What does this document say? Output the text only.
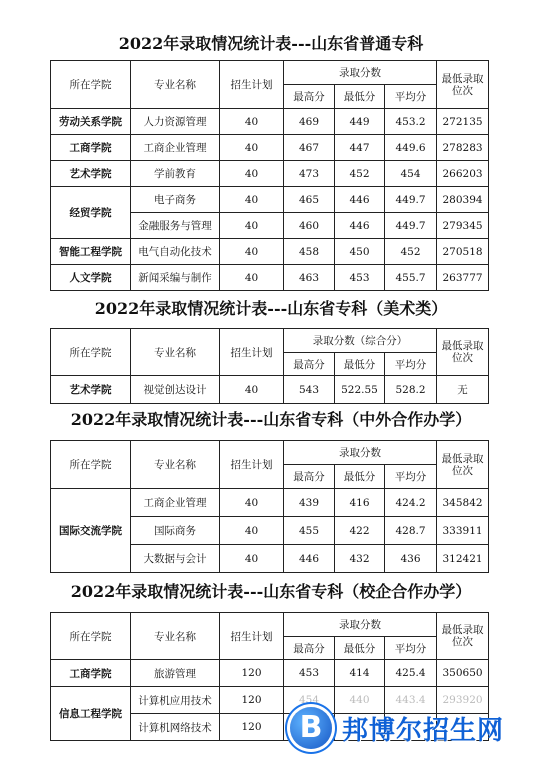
2022年录取情况统计表---山东省普通专科
所在学院	专业名称	招生计划	录取分数			最低录取位次
			最高分	最低分	平均分	
劳动关系学院	人力资源管理	40	469	449	453.2	272135
工商学院	工商企业管理	40	467	447	449.6	278283
艺术学院	学前教育	40	473	452	454	266203
经贸学院	电子商务	40	465	446	449.7	280394
	金融服务与管理	40	460	446	449.7	279345
智能工程学院	电气自动化技术	40	458	450	452	270518
人文学院	新闻采编与制作	40	463	453	455.7	263777
2022年录取情况统计表---山东省专科（美术类）
所在学院	专业名称	招生计划	录取分数（综合分）			最低录取位次
			最高分	最低分	平均分	
艺术学院	视觉创达设计	40	543	522.55	528.2	无
2022年录取情况统计表---山东省专科（中外合作办学）
所在学院	专业名称	招生计划	录取分数			最低录取位次
			最高分	最低分	平均分	
国际交流学院	工商企业管理	40	439	416	424.2	345842
	国际商务	40	455	422	428.7	333911
	大数据与会计	40	446	432	436	312421
2022年录取情况统计表---山东省专科（校企合作办学）
所在学院	专业名称	招生计划	录取分数			最低录取位次
			最高分	最低分	平均分	
工商学院	旅游管理	120	453	414	425.4	350650
信息工程学院	计算机应用技术	120	454	440	443.4	293920
	计算机网络技术	120					B 邦博尔招生网
